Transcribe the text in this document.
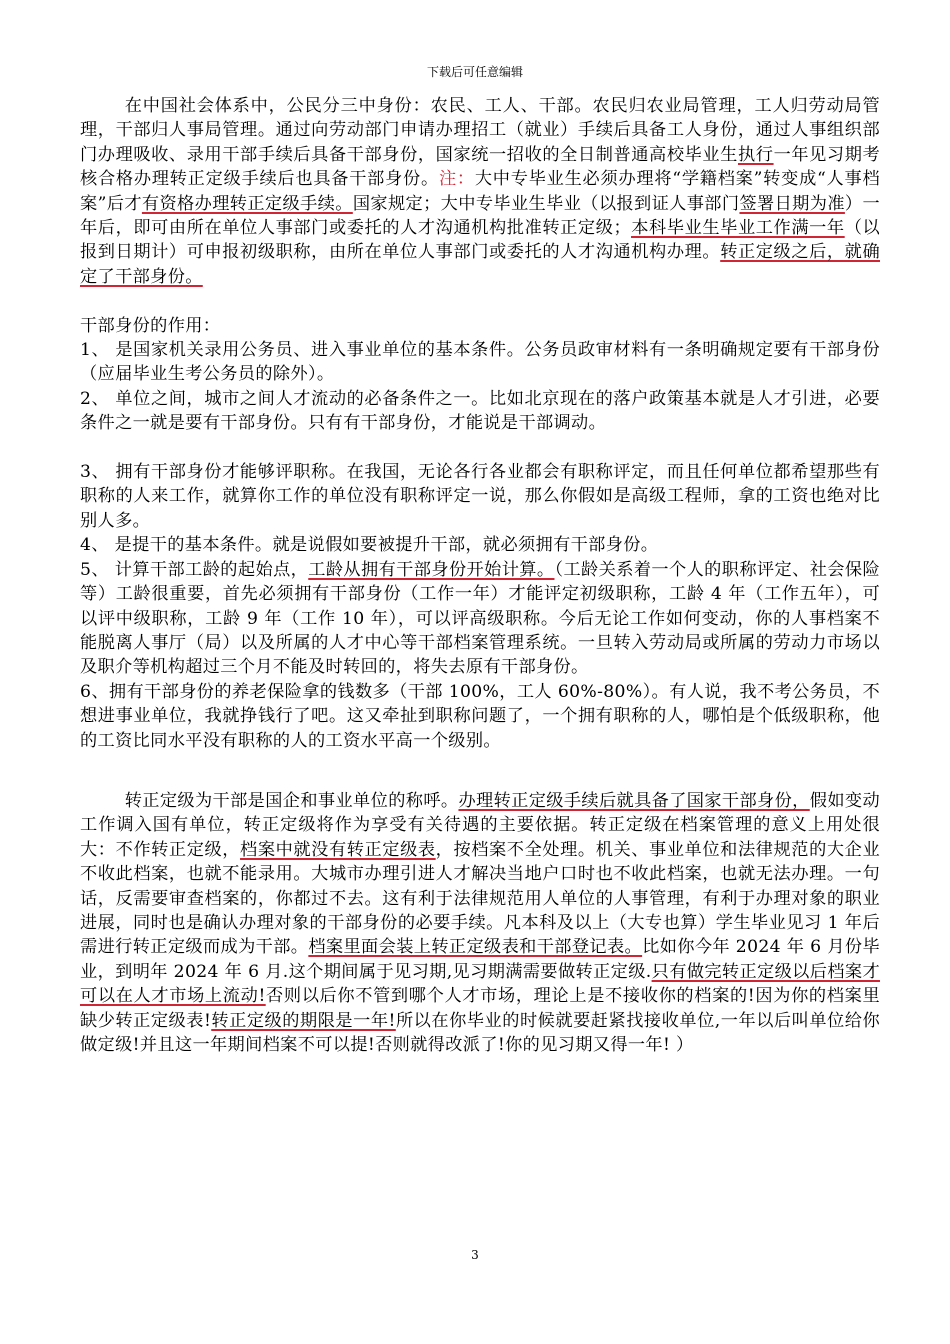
下载后可任意编辑

在中国社会体系中，公民分三中身份：农民、工人、干部。农民归农业局管理，工人归劳动局管理，干部归人事局管理。通过向劳动部门申请办理招工（就业）手续后具备工人身份，通过人事组织部门办理吸收、录用干部手续后具备干部身份，国家统一招收的全日制普通高校毕业生执行一年见习期考核合格办理转正定级手续后也具备干部身份。注：大中专毕业生必须办理将“学籍档案”转变成“人事档案”后才有资格办理转正定级手续。国家规定；大中专毕业生毕业（以报到证人事部门签署日期为准）一年后，即可由所在单位人事部门或委托的人才沟通机构批准转正定级；本科毕业生毕业工作满一年（以报到日期计）可申报初级职称，由所在单位人事部门或委托的人才沟通机构办理。转正定级之后，就确定了干部身份。

干部身份的作用：

1、 是国家机关录用公务员、进入事业单位的基本条件。公务员政审材料有一条明确规定要有干部身份（应届毕业生考公务员的除外）。

2、 单位之间，城市之间人才流动的必备条件之一。比如北京现在的落户政策基本就是人才引进，必要条件之一就是要有干部身份。只有有干部身份，才能说是干部调动。

3、 拥有干部身份才能够评职称。在我国，无论各行各业都会有职称评定，而且任何单位都希望那些有职称的人来工作，就算你工作的单位没有职称评定一说，那么你假如是高级工程师，拿的工资也绝对比别人多。

4、 是提干的基本条件。就是说假如要被提升干部，就必须拥有干部身份。

5、 计算干部工龄的起始点，工龄从拥有干部身份开始计算。（工龄关系着一个人的职称评定、社会保险等）工龄很重要，首先必须拥有干部身份（工作一年）才能评定初级职称，工龄 4 年（工作五年），可以评中级职称，工龄 9 年（工作 10 年），可以评高级职称。今后无论工作如何变动，你的人事档案不能脱离人事厅（局）以及所属的人才中心等干部档案管理系统。一旦转入劳动局或所属的劳动力市场以及职介等机构超过三个月不能及时转回的，将失去原有干部身份。

6、拥有干部身份的养老保险拿的钱数多（干部 100%，工人 60%-80%）。有人说，我不考公务员，不想进事业单位，我就挣钱行了吧。这又牵扯到职称问题了，一个拥有职称的人，哪怕是个低级职称，他的工资比同水平没有职称的人的工资水平高一个级别。

转正定级为干部是国企和事业单位的称呼。办理转正定级手续后就具备了国家干部身份，假如变动工作调入国有单位，转正定级将作为享受有关待遇的主要依据。转正定级在档案管理的意义上用处很大：不作转正定级，档案中就没有转正定级表，按档案不全处理。机关、事业单位和法律规范的大企业不收此档案，也就不能录用。大城市办理引进人才解决当地户口时也不收此档案，也就无法办理。一句话，反需要审查档案的，你都过不去。这有利于法律规范用人单位的人事管理，有利于办理对象的职业进展，同时也是确认办理对象的干部身份的必要手续。凡本科及以上（大专也算）学生毕业见习 1 年后需进行转正定级而成为干部。档案里面会装上转正定级表和干部登记表。比如你今年 2024 年 6 月份毕业，到明年 2024 年 6 月.这个期间属于见习期,见习期满需要做转正定级.只有做完转正定级以后档案才可以在人才市场上流动!否则以后你不管到哪个人才市场，理论上是不接收你的档案的!因为你的档案里缺少转正定级表!转正定级的期限是一年!所以在你毕业的时候就要赶紧找接收单位,一年以后叫单位给你做定级!并且这一年期间档案不可以提!否则就得改派了!你的见习期又得一年! ）

3
